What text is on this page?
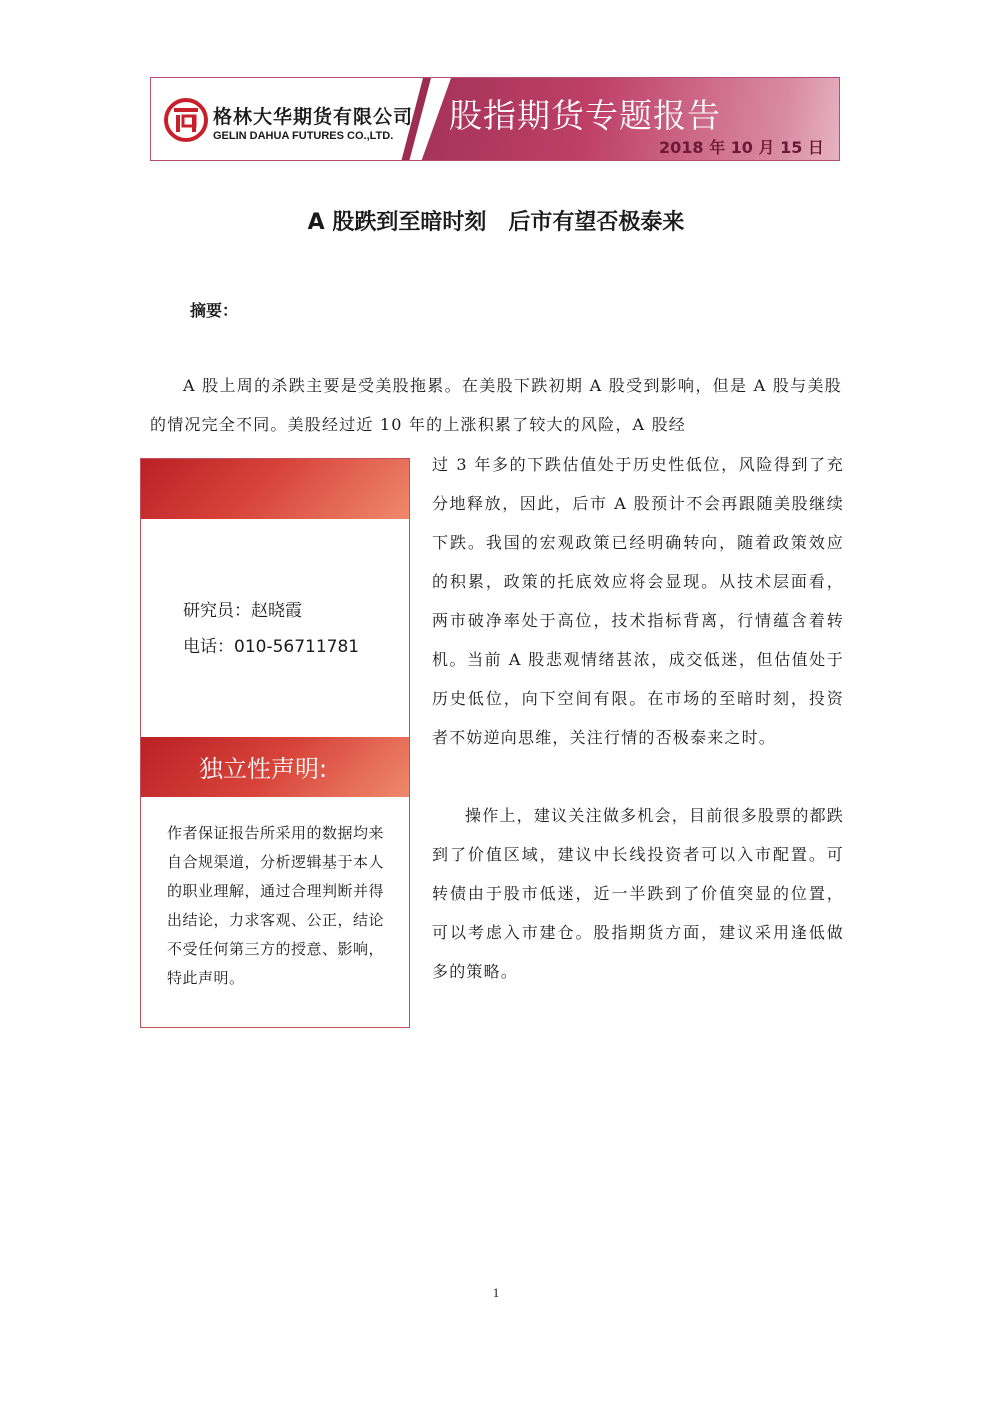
格林大华期货有限公司
GELIN DAHUA FUTURES CO.,LTD.
股指期货专题报告
2018 年 10 月 15 日
A 股跌到至暗时刻　后市有望否极泰来
摘要：

A 股上周的杀跌主要是受美股拖累。在美股下跌初期 A 股受到影响，但是 A 股与美股的情况完全不同。美股经过近 10 年的上涨积累了较大的风险，A 股经

研究员：赵晓霞
电话：010-56711781
独立性声明:

作者保证报告所采用的数据均来自合规渠道，分析逻辑基于本人的职业理解，通过合理判断并得出结论，力求客观、公正，结论不受任何第三方的授意、影响，特此声明。

过 3 年多的下跌估值处于历史性低位，风险得到了充分地释放，因此，后市 A 股预计不会再跟随美股继续下跌。我国的宏观政策已经明确转向，随着政策效应的积累，政策的托底效应将会显现。从技术层面看，两市破净率处于高位，技术指标背离，行情蕴含着转机。当前 A 股悲观情绪甚浓，成交低迷，但估值处于历史低位，向下空间有限。在市场的至暗时刻，投资者不妨逆向思维，关注行情的否极泰来之时。

操作上，建议关注做多机会，目前很多股票的都跌到了价值区域，建议中长线投资者可以入市配置。可转债由于股市低迷，近一半跌到了价值突显的位置，可以考虑入市建仓。股指期货方面，建议采用逢低做多的策略。

1
